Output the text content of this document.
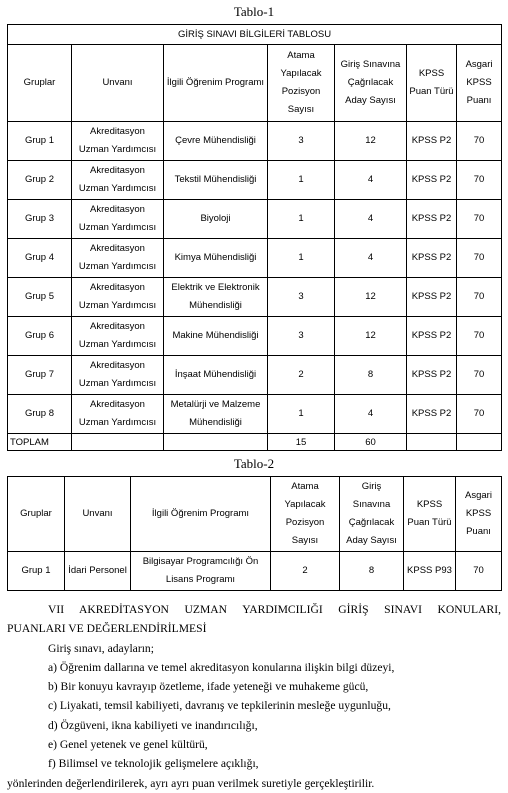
Tablo-1
GİRİŞ SINAVI BİLGİLERİ TABLOSU						
Gruplar	Unvanı	İlgili Öğrenim Programı	Atama Yapılacak Pozisyon Sayısı	Giriş Sınavına Çağrılacak Aday Sayısı	KPSS Puan Türü	Asgari KPSS Puanı
Grup 1	Akreditasyon Uzman Yardımcısı	Çevre Mühendisliği	3	12	KPSS P2	70
Grup 2	Akreditasyon Uzman Yardımcısı	Tekstil Mühendisliği	1	4	KPSS P2	70
Grup 3	Akreditasyon Uzman Yardımcısı	Biyoloji	1	4	KPSS P2	70
Grup 4	Akreditasyon Uzman Yardımcısı	Kimya Mühendisliği	1	4	KPSS P2	70
Grup 5	Akreditasyon Uzman Yardımcısı	Elektrik ve Elektronik Mühendisliği	3	12	KPSS P2	70
Grup 6	Akreditasyon Uzman Yardımcısı	Makine Mühendisliği	3	12	KPSS P2	70
Grup 7	Akreditasyon Uzman Yardımcısı	İnşaat Mühendisliği	2	8	KPSS P2	70
Grup 8	Akreditasyon Uzman Yardımcısı	Metalürji ve Malzeme Mühendisliği	1	4	KPSS P2	70
TOPLAM			15	60		
Tablo-2
Gruplar	Unvanı	İlgili Öğrenim Programı	Atama Yapılacak Pozisyon Sayısı	Giriş Sınavına Çağrılacak Aday Sayısı	KPSS Puan Türü	Asgari KPSS Puanı
Grup 1	İdari Personel	Bilgisayar Programcılığı Ön Lisans Programı	2	8	KPSS P93	70
VII AKREDİTASYON UZMAN YARDIMCILIĞI GİRİŞ SINAVI KONULARI,
PUANLARI VE DEĞERLENDİRİLMESİ
Giriş sınavı, adayların;
a) Öğrenim dallarına ve temel akreditasyon konularına ilişkin bilgi düzeyi,
b) Bir konuyu kavrayıp özetleme, ifade yeteneği ve muhakeme gücü,
c) Liyakati, temsil kabiliyeti, davranış ve tepkilerinin mesleğe uygunluğu,
d) Özgüveni, ikna kabiliyeti ve inandırıcılığı,
e) Genel yetenek ve genel kültürü,
f) Bilimsel ve teknolojik gelişmelere açıklığı,
yönlerinden değerlendirilerek, ayrı ayrı puan verilmek suretiyle gerçekleştirilir.
